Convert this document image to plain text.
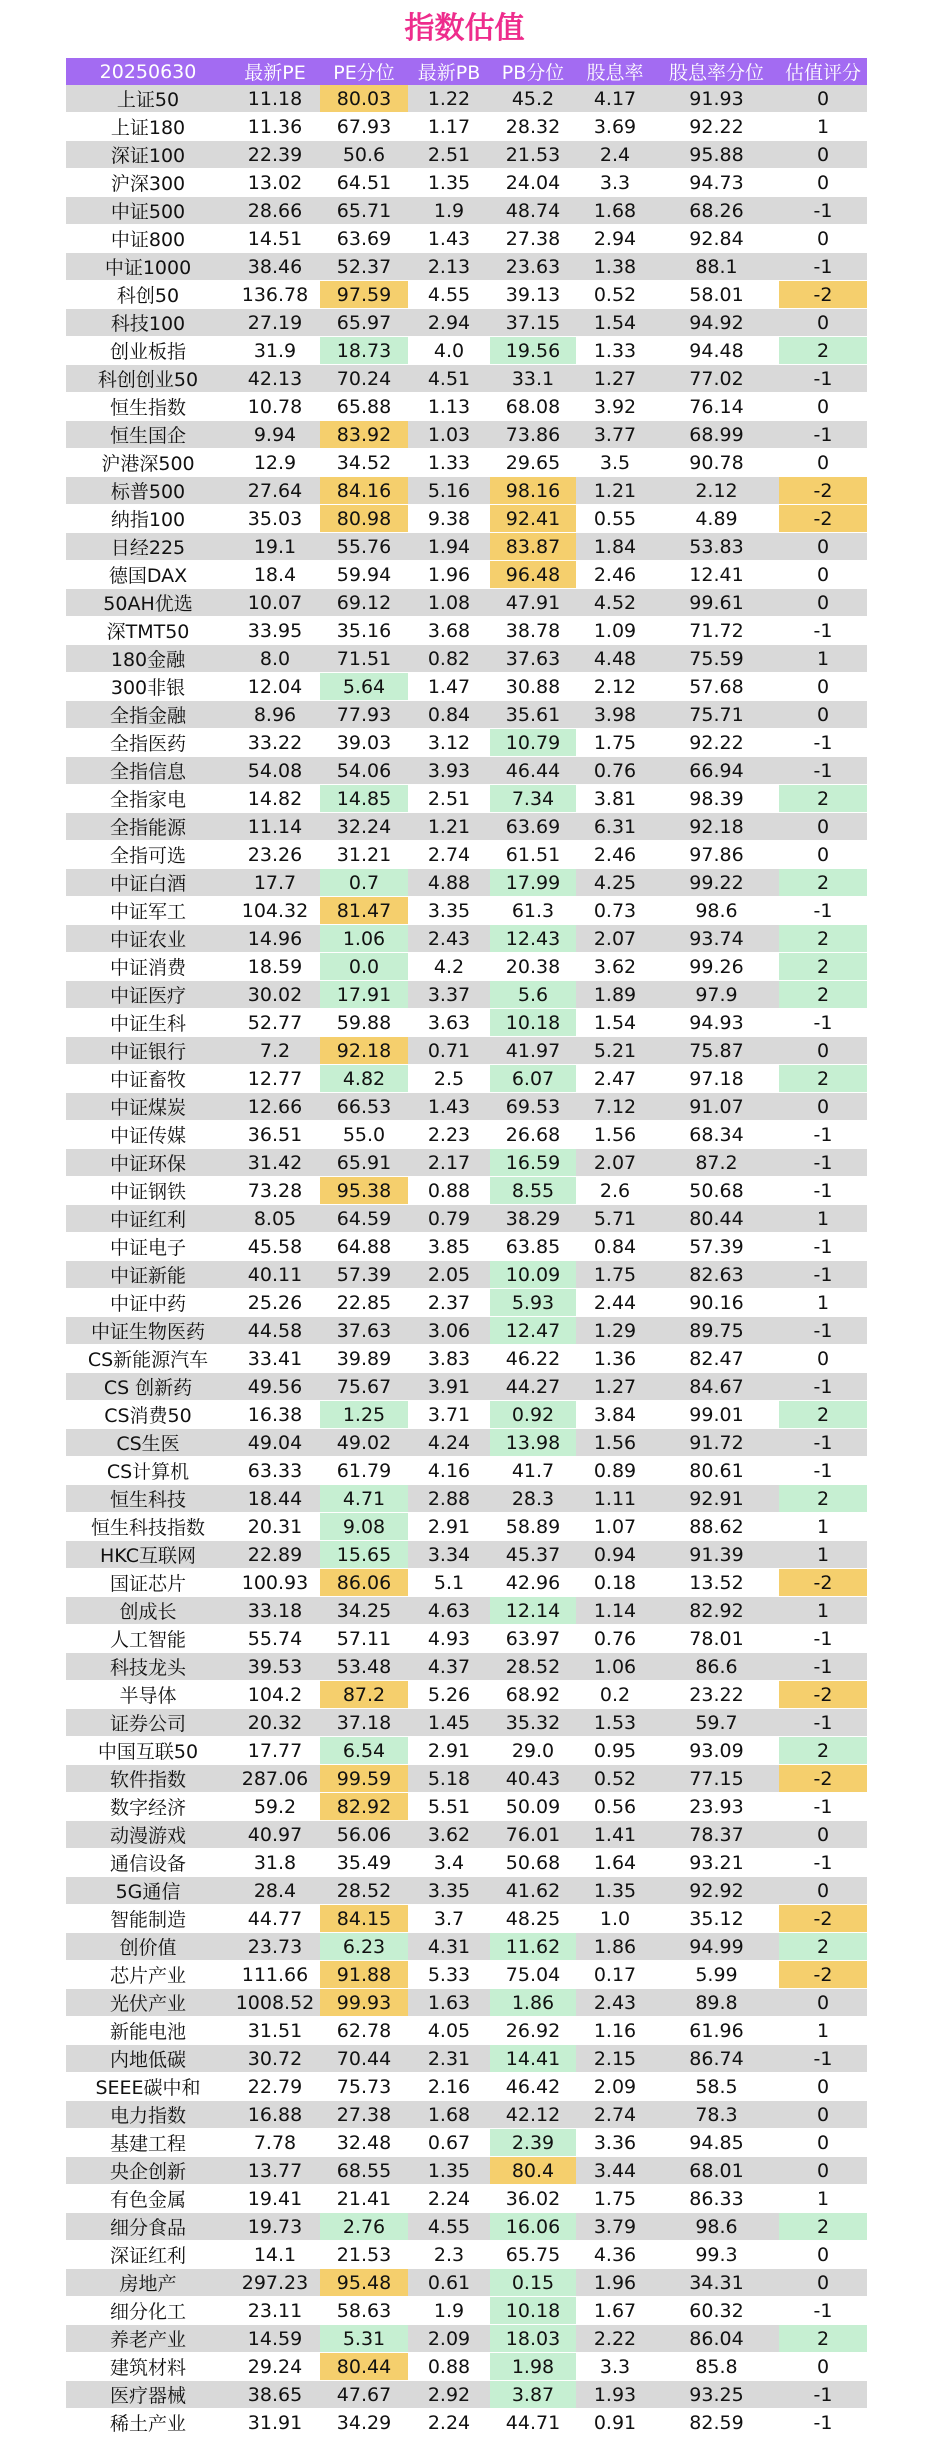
指数估值
20250630	最新PE	PE分位	最新PB	PB分位	股息率	股息率分位	估值评分
上证50	11.18	80.03	1.22	45.2	4.17	91.93	0
上证180	11.36	67.93	1.17	28.32	3.69	92.22	1
深证100	22.39	50.6	2.51	21.53	2.4	95.88	0
沪深300	13.02	64.51	1.35	24.04	3.3	94.73	0
中证500	28.66	65.71	1.9	48.74	1.68	68.26	-1
中证800	14.51	63.69	1.43	27.38	2.94	92.84	0
中证1000	38.46	52.37	2.13	23.63	1.38	88.1	-1
科创50	136.78	97.59	4.55	39.13	0.52	58.01	-2
科技100	27.19	65.97	2.94	37.15	1.54	94.92	0
创业板指	31.9	18.73	4.0	19.56	1.33	94.48	2
科创创业50	42.13	70.24	4.51	33.1	1.27	77.02	-1
恒生指数	10.78	65.88	1.13	68.08	3.92	76.14	0
恒生国企	9.94	83.92	1.03	73.86	3.77	68.99	-1
沪港深500	12.9	34.52	1.33	29.65	3.5	90.78	0
标普500	27.64	84.16	5.16	98.16	1.21	2.12	-2
纳指100	35.03	80.98	9.38	92.41	0.55	4.89	-2
日经225	19.1	55.76	1.94	83.87	1.84	53.83	0
德国DAX	18.4	59.94	1.96	96.48	2.46	12.41	0
50AH优选	10.07	69.12	1.08	47.91	4.52	99.61	0
深TMT50	33.95	35.16	3.68	38.78	1.09	71.72	-1
180金融	8.0	71.51	0.82	37.63	4.48	75.59	1
300非银	12.04	5.64	1.47	30.88	2.12	57.68	0
全指金融	8.96	77.93	0.84	35.61	3.98	75.71	0
全指医药	33.22	39.03	3.12	10.79	1.75	92.22	-1
全指信息	54.08	54.06	3.93	46.44	0.76	66.94	-1
全指家电	14.82	14.85	2.51	7.34	3.81	98.39	2
全指能源	11.14	32.24	1.21	63.69	6.31	92.18	0
全指可选	23.26	31.21	2.74	61.51	2.46	97.86	0
中证白酒	17.7	0.7	4.88	17.99	4.25	99.22	2
中证军工	104.32	81.47	3.35	61.3	0.73	98.6	-1
中证农业	14.96	1.06	2.43	12.43	2.07	93.74	2
中证消费	18.59	0.0	4.2	20.38	3.62	99.26	2
中证医疗	30.02	17.91	3.37	5.6	1.89	97.9	2
中证生科	52.77	59.88	3.63	10.18	1.54	94.93	-1
中证银行	7.2	92.18	0.71	41.97	5.21	75.87	0
中证畜牧	12.77	4.82	2.5	6.07	2.47	97.18	2
中证煤炭	12.66	66.53	1.43	69.53	7.12	91.07	0
中证传媒	36.51	55.0	2.23	26.68	1.56	68.34	-1
中证环保	31.42	65.91	2.17	16.59	2.07	87.2	-1
中证钢铁	73.28	95.38	0.88	8.55	2.6	50.68	-1
中证红利	8.05	64.59	0.79	38.29	5.71	80.44	1
中证电子	45.58	64.88	3.85	63.85	0.84	57.39	-1
中证新能	40.11	57.39	2.05	10.09	1.75	82.63	-1
中证中药	25.26	22.85	2.37	5.93	2.44	90.16	1
中证生物医药	44.58	37.63	3.06	12.47	1.29	89.75	-1
CS新能源汽车	33.41	39.89	3.83	46.22	1.36	82.47	0
CS 创新药	49.56	75.67	3.91	44.27	1.27	84.67	-1
CS消费50	16.38	1.25	3.71	0.92	3.84	99.01	2
CS生医	49.04	49.02	4.24	13.98	1.56	91.72	-1
CS计算机	63.33	61.79	4.16	41.7	0.89	80.61	-1
恒生科技	18.44	4.71	2.88	28.3	1.11	92.91	2
恒生科技指数	20.31	9.08	2.91	58.89	1.07	88.62	1
HKC互联网	22.89	15.65	3.34	45.37	0.94	91.39	1
国证芯片	100.93	86.06	5.1	42.96	0.18	13.52	-2
创成长	33.18	34.25	4.63	12.14	1.14	82.92	1
人工智能	55.74	57.11	4.93	63.97	0.76	78.01	-1
科技龙头	39.53	53.48	4.37	28.52	1.06	86.6	-1
半导体	104.2	87.2	5.26	68.92	0.2	23.22	-2
证券公司	20.32	37.18	1.45	35.32	1.53	59.7	-1
中国互联50	17.77	6.54	2.91	29.0	0.95	93.09	2
软件指数	287.06	99.59	5.18	40.43	0.52	77.15	-2
数字经济	59.2	82.92	5.51	50.09	0.56	23.93	-1
动漫游戏	40.97	56.06	3.62	76.01	1.41	78.37	0
通信设备	31.8	35.49	3.4	50.68	1.64	93.21	-1
5G通信	28.4	28.52	3.35	41.62	1.35	92.92	0
智能制造	44.77	84.15	3.7	48.25	1.0	35.12	-2
创价值	23.73	6.23	4.31	11.62	1.86	94.99	2
芯片产业	111.66	91.88	5.33	75.04	0.17	5.99	-2
光伏产业	1008.52	99.93	1.63	1.86	2.43	89.8	0
新能电池	31.51	62.78	4.05	26.92	1.16	61.96	1
内地低碳	30.72	70.44	2.31	14.41	2.15	86.74	-1
SEEE碳中和	22.79	75.73	2.16	46.42	2.09	58.5	0
电力指数	16.88	27.38	1.68	42.12	2.74	78.3	0
基建工程	7.78	32.48	0.67	2.39	3.36	94.85	0
央企创新	13.77	68.55	1.35	80.4	3.44	68.01	0
有色金属	19.41	21.41	2.24	36.02	1.75	86.33	1
细分食品	19.73	2.76	4.55	16.06	3.79	98.6	2
深证红利	14.1	21.53	2.3	65.75	4.36	99.3	0
房地产	297.23	95.48	0.61	0.15	1.96	34.31	0
细分化工	23.11	58.63	1.9	10.18	1.67	60.32	-1
养老产业	14.59	5.31	2.09	18.03	2.22	86.04	2
建筑材料	29.24	80.44	0.88	1.98	3.3	85.8	0
医疗器械	38.65	47.67	2.92	3.87	1.93	93.25	-1
稀土产业	31.91	34.29	2.24	44.71	0.91	82.59	-1
